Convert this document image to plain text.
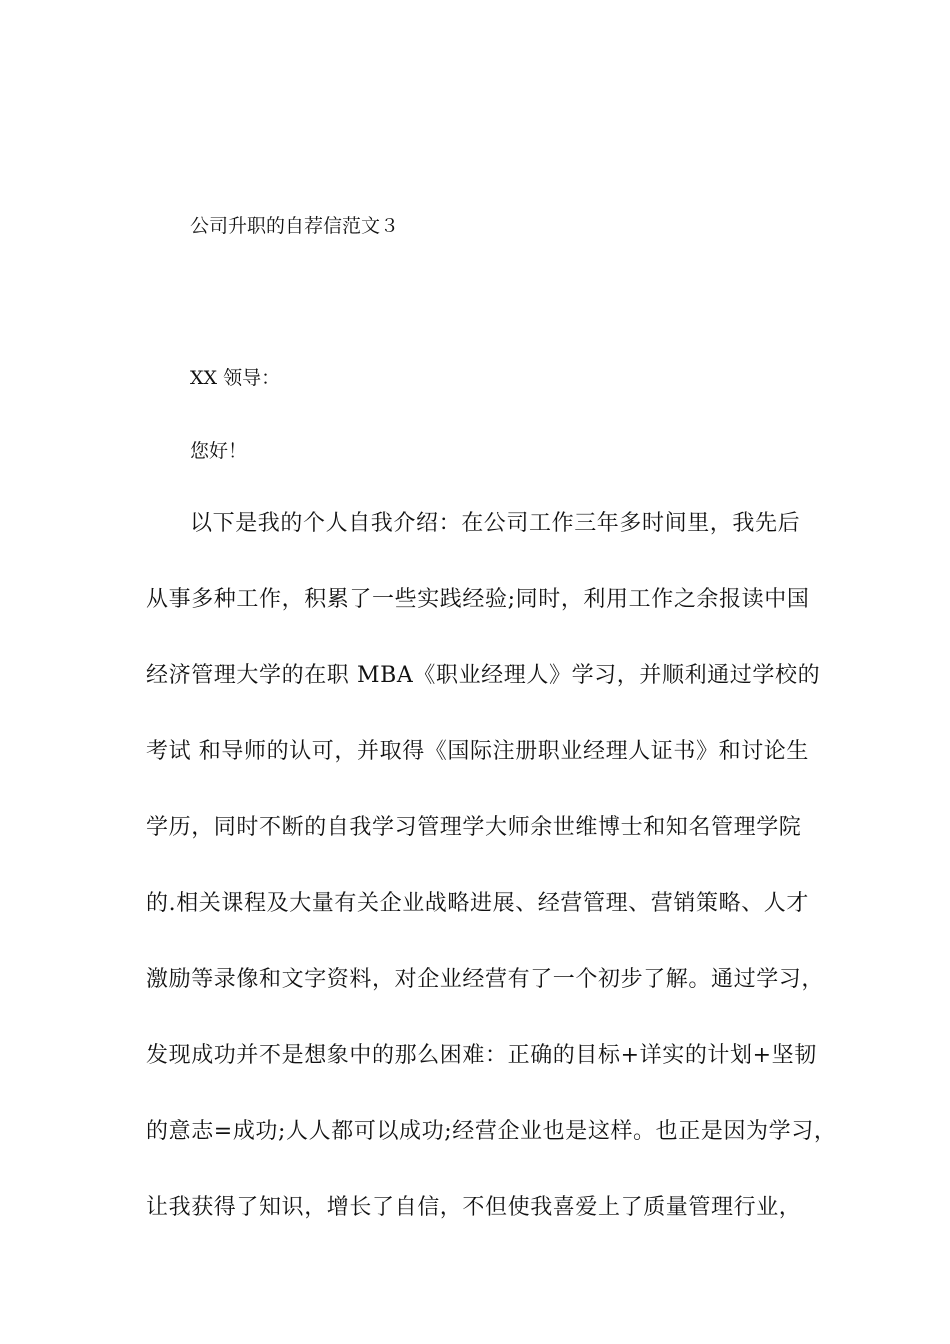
公司升职的自荐信范文３
XX 领导：
您好！
以下是我的个人自我介绍：在公司工作三年多时间里，我先后
从事多种工作，积累了一些实践经验;同时，利用工作之余报读中国
经济管理大学的在职 MBA《职业经理人》学习，并顺利通过学校的
考试 和导师的认可，并取得《国际注册职业经理人证书》和讨论生
学历，同时不断的自我学习管理学大师余世维博士和知名管理学院
的.相关课程及大量有关企业战略进展、经营管理、营销策略、人才
激励等录像和文字资料，对企业经营有了一个初步了解。通过学习，
发现成功并不是想象中的那么困难：正确的目标+详实的计划+坚韧
的意志=成功;人人都可以成功;经营企业也是这样。也正是因为学习，
让我获得了知识，增长了自信，不但使我喜爱上了质量管理行业，
